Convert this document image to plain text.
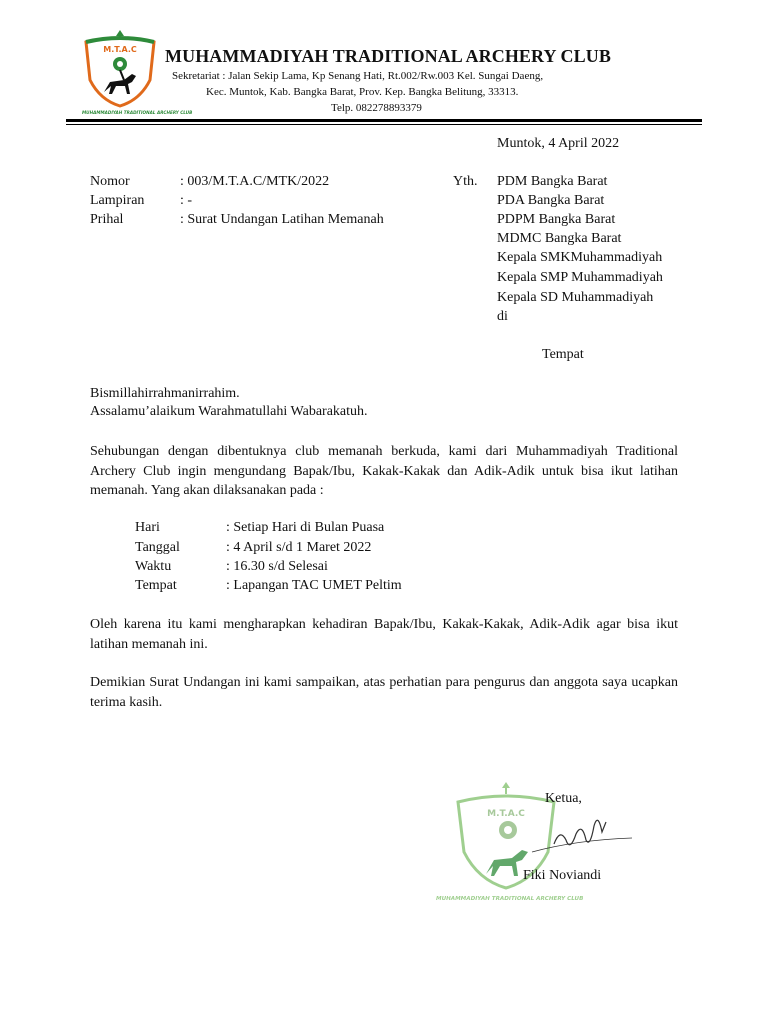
M.T.A.C
MUHAMMADIYAH TRADITIONAL ARCHERY CLUB
MUHAMMADIYAH TRADITIONAL ARCHERY CLUB
Sekretariat : Jalan Sekip Lama, Kp Senang Hati, Rt.002/Rw.003 Kel. Sungai Daeng,
Kec. Muntok, Kab. Bangka Barat, Prov. Kep. Bangka Belitung, 33313.
Telp. 082278893379
Muntok, 4 April 2022
Nomor	: 003/M.T.A.C/MTK/2022
Lampiran	: -
Prihal	: Surat Undangan Latihan Memanah
Yth. PDM Bangka Barat
PDA Bangka Barat
PDPM Bangka Barat
MDMC Bangka Barat
Kepala SMKMuhammadiyah
Kepala SMP Muhammadiyah
Kepala SD Muhammadiyah
di
Tempat
Bismillahirrahmanirrahim.
Assalamu’alaikum Warahmatullahi Wabarakatuh.
Sehubungan dengan dibentuknya club memanah berkuda, kami dari Muhammadiyah Traditional Archery Club ingin mengundang Bapak/Ibu, Kakak-Kakak dan Adik-Adik untuk bisa ikut latihan memanah. Yang akan dilaksanakan pada :
Hari	: Setiap Hari di Bulan Puasa
Tanggal	: 4 April s/d 1 Maret 2022
Waktu	: 16.30 s/d Selesai
Tempat	: Lapangan TAC UMET Peltim
Oleh karena itu kami mengharapkan kehadiran Bapak/Ibu, Kakak-Kakak, Adik-Adik agar bisa ikut latihan memanah ini.
Demikian Surat Undangan ini kami sampaikan, atas perhatian para pengurus dan anggota saya ucapkan terima kasih.
M.T.A.C
MUHAMMADIYAH TRADITIONAL ARCHERY CLUB
Ketua,
Fiki Noviandi
